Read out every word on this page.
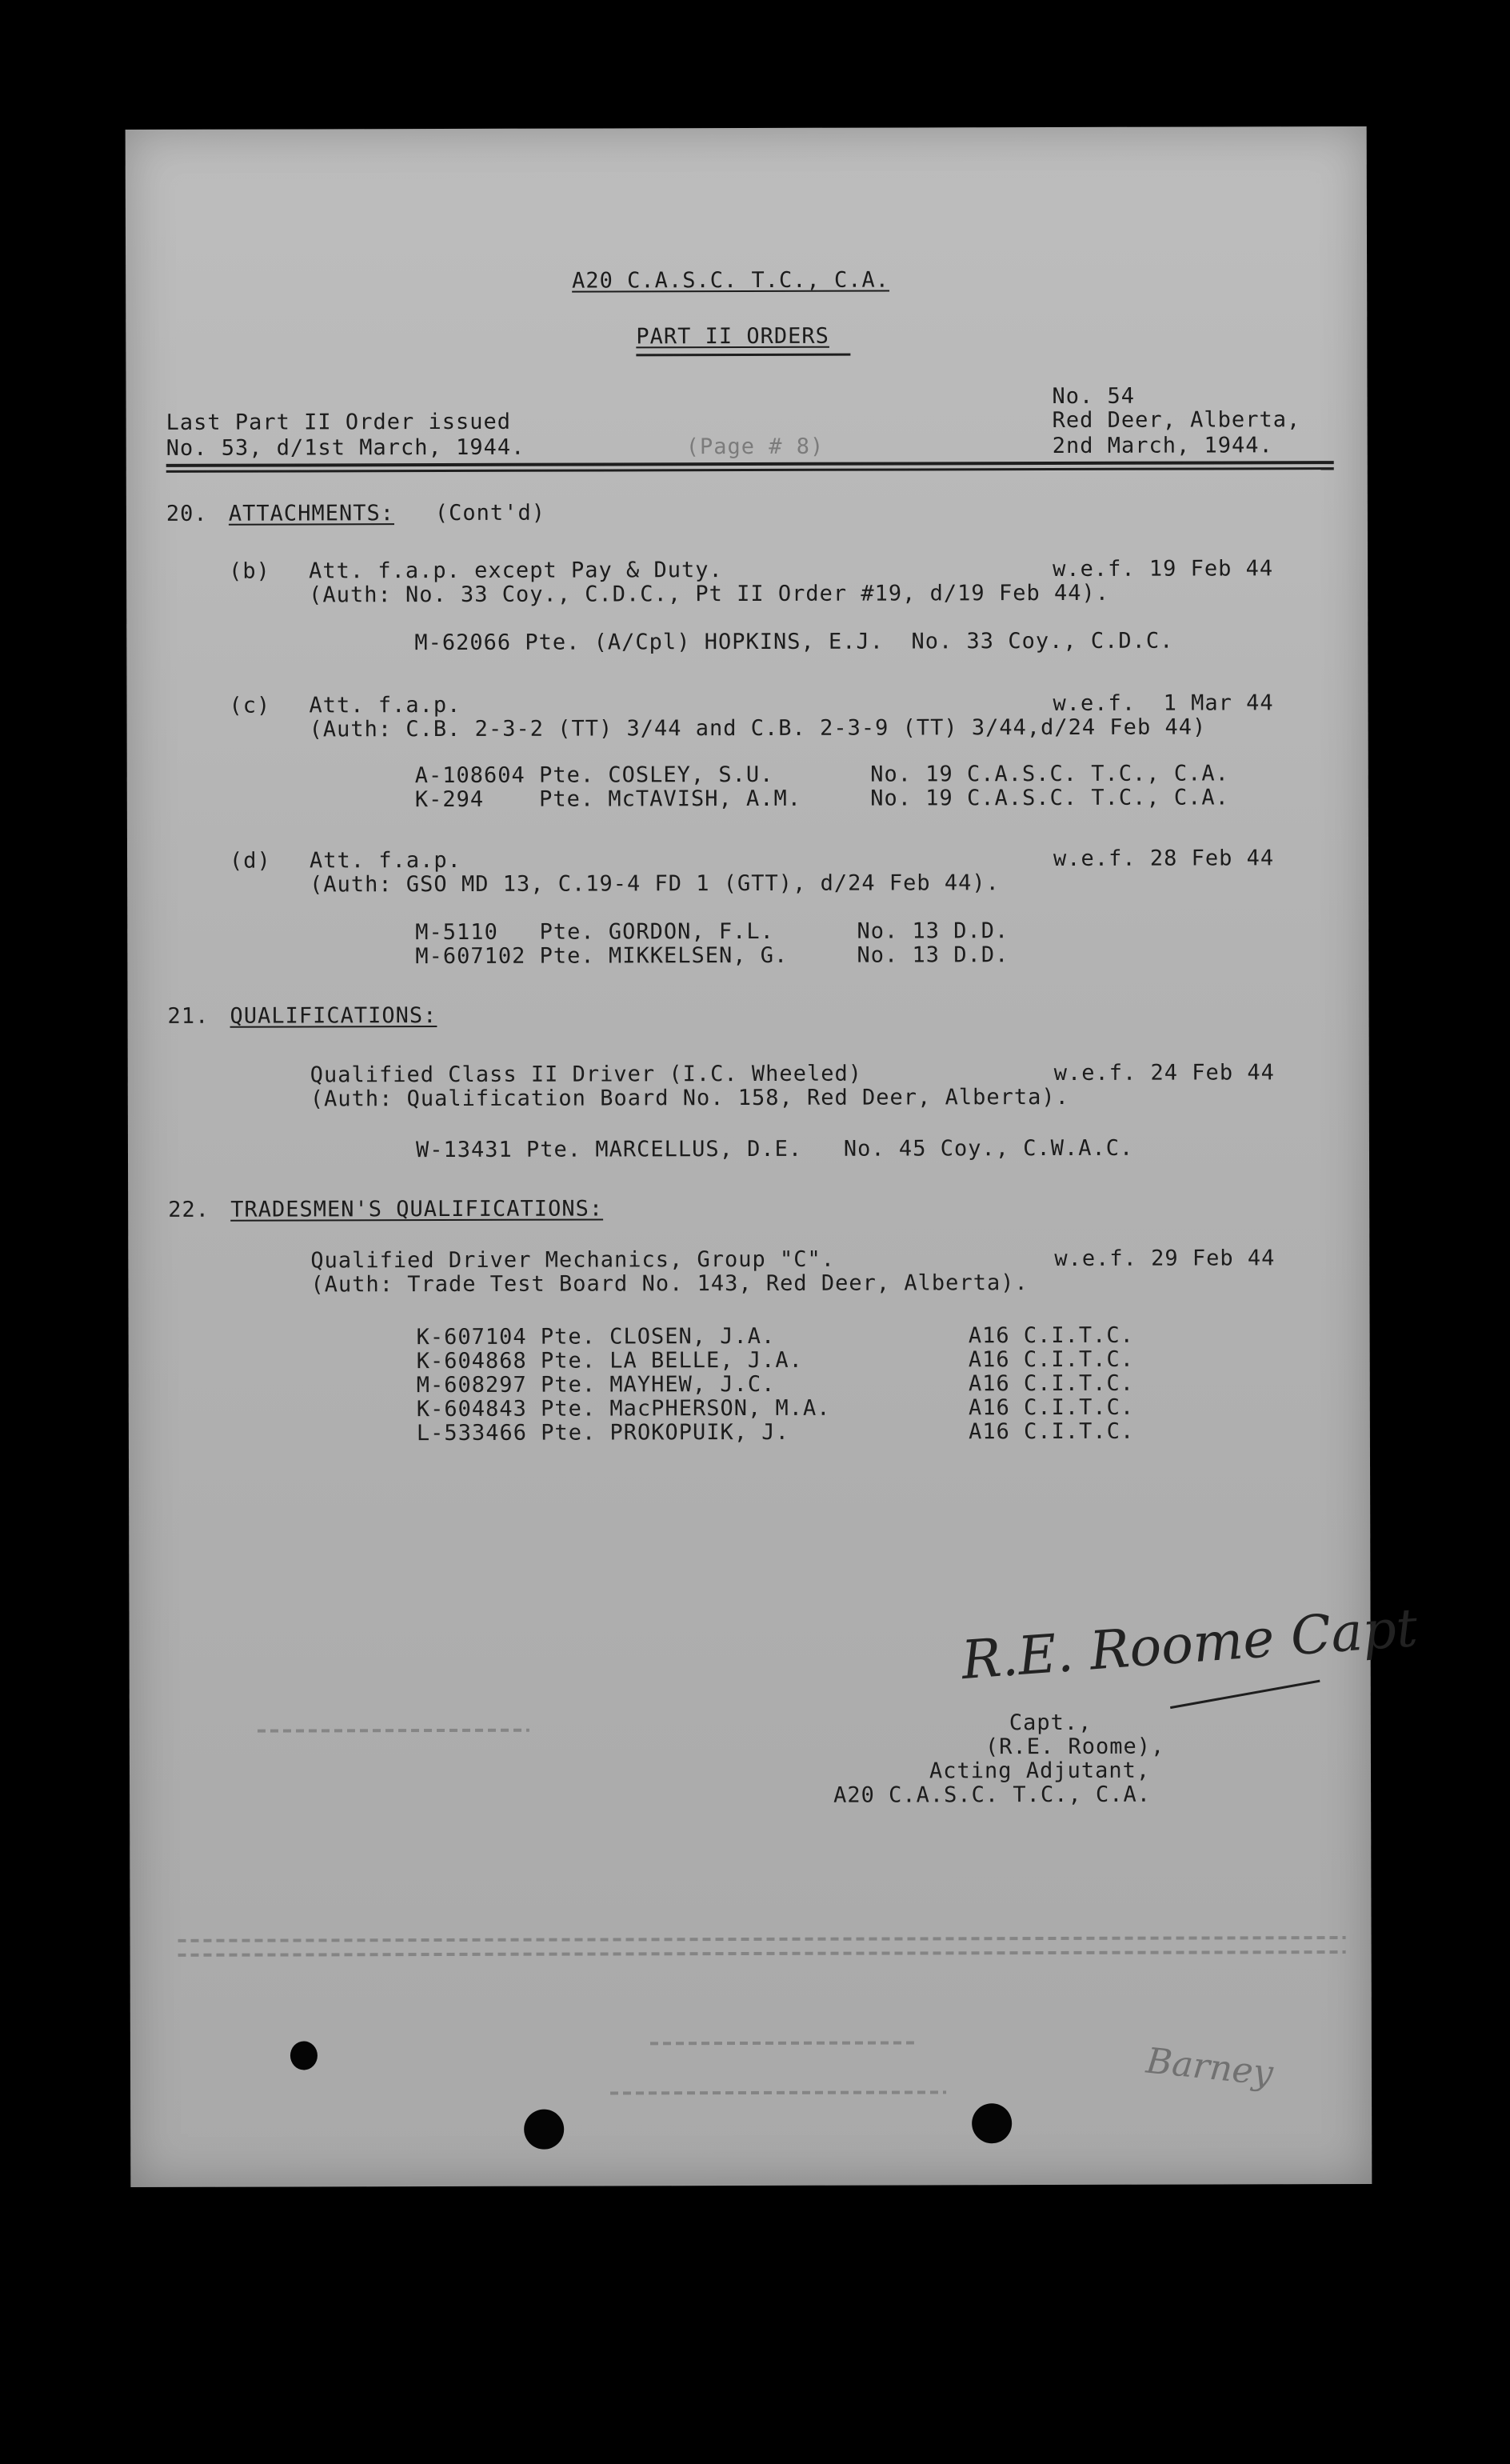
A20 C.A.S.C. T.C., C.A.
PART II ORDERS
Last Part II Order issued
No. 53, d/1st March, 1944.	(Page # 8)
No. 54
Red Deer, Alberta,
2nd March, 1944.
20. ATTACHMENTS: (Cont'd)
(b) Att. f.a.p. except Pay & Duty.	w.e.f. 19 Feb 44
(Auth: No. 33 Coy., C.D.C., Pt II Order #19, d/19 Feb 44).
M-62066 Pte. (A/Cpl) HOPKINS, E.J.  No. 33 Coy., C.D.C.
(c) Att. f.a.p.	w.e.f.  1 Mar 44
(Auth: C.B. 2-3-2 (TT) 3/44 and C.B. 2-3-9 (TT) 3/44,d/24 Feb 44)
A-108604 Pte. COSLEY, S.U.       No. 19 C.A.S.C. T.C., C.A.
K-294    Pte. McTAVISH, A.M.     No. 19 C.A.S.C. T.C., C.A.
(d) Att. f.a.p.	w.e.f. 28 Feb 44
(Auth: GSO MD 13, C.19-4 FD 1 (GTT), d/24 Feb 44).
M-5110   Pte. GORDON, F.L.      No. 13 D.D.
M-607102 Pte. MIKKELSEN, G.     No. 13 D.D.
21. QUALIFICATIONS:
Qualified Class II Driver (I.C. Wheeled)	w.e.f. 24 Feb 44
(Auth: Qualification Board No. 158, Red Deer, Alberta).
W-13431 Pte. MARCELLUS, D.E.   No. 45 Coy., C.W.A.C.
22. TRADESMEN'S QUALIFICATIONS:
Qualified Driver Mechanics, Group "C".	w.e.f. 29 Feb 44
(Auth: Trade Test Board No. 143, Red Deer, Alberta).
K-607104 Pte. CLOSEN, J.A.              A16 C.I.T.C.
K-604868 Pte. LA BELLE, J.A.            A16 C.I.T.C.
M-608297 Pte. MAYHEW, J.C.              A16 C.I.T.C.
K-604843 Pte. MacPHERSON, M.A.          A16 C.I.T.C.
L-533466 Pte. PROKOPUIK, J.             A16 C.I.T.C.
R.E. Roome Capt
Capt.,
(R.E. Roome),
Acting Adjutant,
A20 C.A.S.C. T.C., C.A.
Barney
